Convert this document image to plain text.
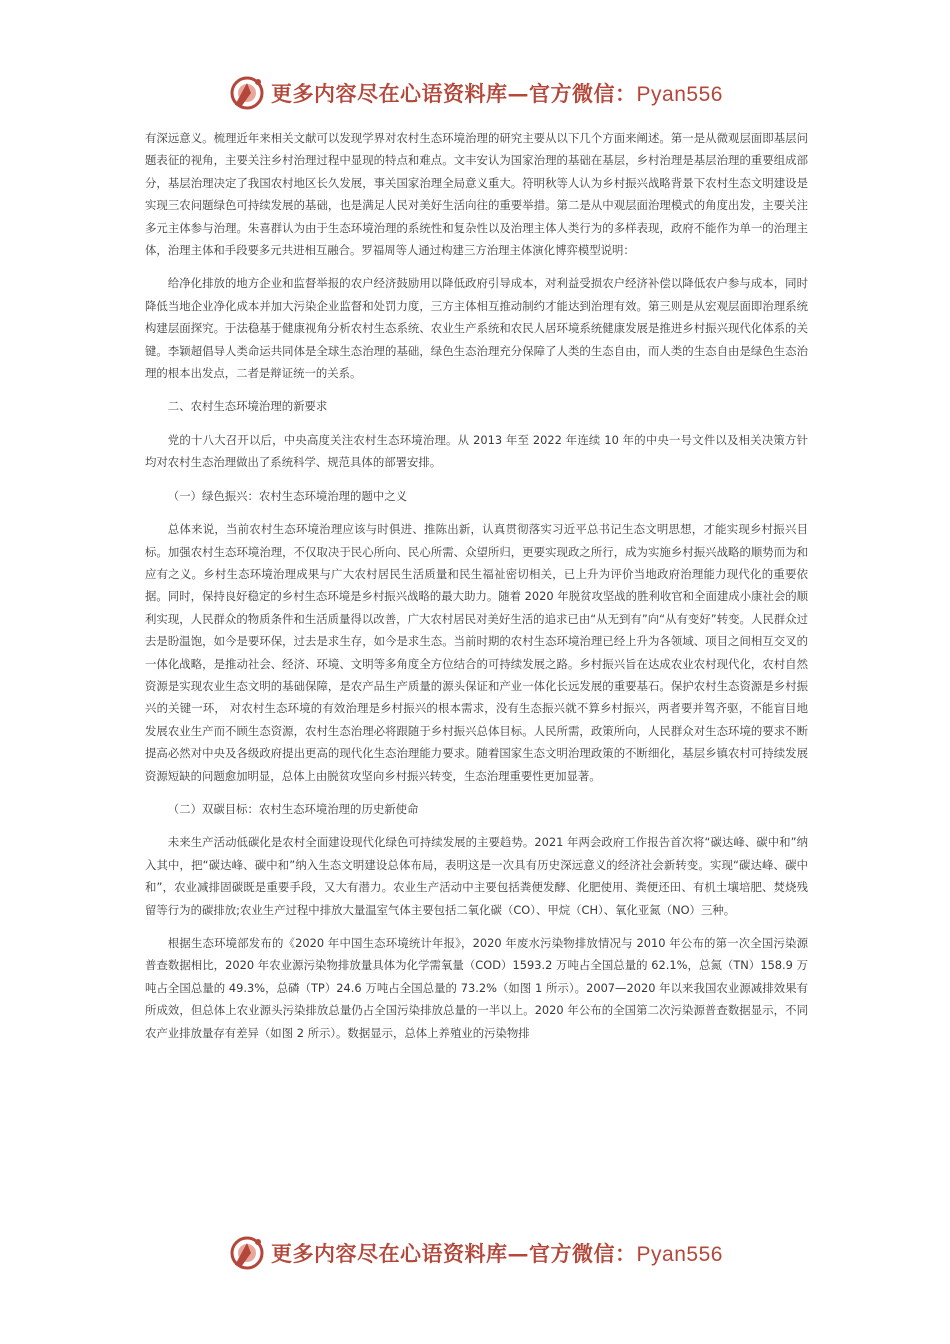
更多内容尽在心语资料库—官方微信：Pyan556

有深远意义。梳理近年来相关文献可以发现学界对农村生态环境治理的研究主要从以下几个方面来阐述。第一是从微观层面即基层问题表征的视角，主要关注乡村治理过程中显现的特点和难点。文丰安认为国家治理的基础在基层，乡村治理是基层治理的重要组成部分，基层治理决定了我国农村地区长久发展，事关国家治理全局意义重大。符明秋等人认为乡村振兴战略背景下农村生态文明建设是实现三农问题绿色可持续发展的基础，也是满足人民对美好生活向往的重要举措。第二是从中观层面治理模式的角度出发，主要关注多元主体参与治理。朱喜群认为由于生态环境治理的系统性和复杂性以及治理主体人类行为的多样表现，政府不能作为单一的治理主体，治理主体和手段要多元共进相互融合。罗福周等人通过构建三方治理主体演化博弈模型说明：

给净化排放的地方企业和监督举报的农户经济鼓励用以降低政府引导成本，对利益受损农户经济补偿以降低农户参与成本，同时降低当地企业净化成本并加大污染企业监督和处罚力度，三方主体相互推动制约才能达到治理有效。第三则是从宏观层面即治理系统构建层面探究。于法稳基于健康视角分析农村生态系统、农业生产系统和农民人居环境系统健康发展是推进乡村振兴现代化体系的关键。李颖超倡导人类命运共同体是全球生态治理的基础，绿色生态治理充分保障了人类的生态自由，而人类的生态自由是绿色生态治理的根本出发点，二者是辩证统一的关系。

二、农村生态环境治理的新要求

党的十八大召开以后，中央高度关注农村生态环境治理。从 2013 年至 2022 年连续 10 年的中央一号文件以及相关决策方针均对农村生态治理做出了系统科学、规范具体的部署安排。

（一）绿色振兴：农村生态环境治理的题中之义

总体来说，当前农村生态环境治理应该与时俱进、推陈出新，认真贯彻落实习近平总书记生态文明思想，才能实现乡村振兴目标。加强农村生态环境治理，不仅取决于民心所向、民心所需、众望所归，更要实现政之所行，成为实施乡村振兴战略的顺势而为和应有之义。乡村生态环境治理成果与广大农村居民生活质量和民生福祉密切相关，已上升为评价当地政府治理能力现代化的重要依据。同时，保持良好稳定的乡村生态环境是乡村振兴战略的最大助力。随着 2020 年脱贫攻坚战的胜利收官和全面建成小康社会的顺利实现，人民群众的物质条件和生活质量得以改善，广大农村居民对美好生活的追求已由“从无到有”向“从有变好”转变。人民群众过去是盼温饱，如今是要环保，过去是求生存，如今是求生态。当前时期的农村生态环境治理已经上升为各领域、项目之间相互交叉的一体化战略，是推动社会、经济、环境、文明等多角度全方位结合的可持续发展之路。乡村振兴旨在达成农业农村现代化，农村自然资源是实现农业生态文明的基础保障，是农产品生产质量的源头保证和产业一体化长远发展的重要基石。保护农村生态资源是乡村振兴的关键一环， 对农村生态环境的有效治理是乡村振兴的根本需求，没有生态振兴就不算乡村振兴，两者要并驾齐驱，不能盲目地发展农业生产而不顾生态资源，农村生态治理必将跟随于乡村振兴总体目标。人民所需，政策所向，人民群众对生态环境的要求不断提高必然对中央及各级政府提出更高的现代化生态治理能力要求。随着国家生态文明治理政策的不断细化，基层乡镇农村可持续发展资源短缺的问题愈加明显，总体上由脱贫攻坚向乡村振兴转变，生态治理重要性更加显著。

（二）双碳目标：农村生态环境治理的历史新使命

未来生产活动低碳化是农村全面建设现代化绿色可持续发展的主要趋势。2021 年两会政府工作报告首次将“碳达峰、碳中和”纳入其中，把“碳达峰、碳中和”纳入生态文明建设总体布局，表明这是一次具有历史深远意义的经济社会新转变。实现“碳达峰、碳中和”，农业减排固碳既是重要手段，又大有潜力。农业生产活动中主要包括粪便发酵、化肥使用、粪便还田、有机土壤培肥、焚烧残留等行为的碳排放;农业生产过程中排放大量温室气体主要包括二氧化碳（CO）、甲烷（CH）、氧化亚氮（NO）三种。

根据生态环境部发布的《2020 年中国生态环境统计年报》，2020 年废水污染物排放情况与 2010 年公布的第一次全国污染源普查数据相比，2020 年农业源污染物排放量具体为化学需氧量（COD）1593.2 万吨占全国总量的 62.1%，总氮（TN）158.9 万吨占全国总量的 49.3%，总磷（TP）24.6 万吨占全国总量的 73.2%（如图 1 所示）。2007—2020 年以来我国农业源减排效果有所成效，但总体上农业源头污染排放总量仍占全国污染排放总量的一半以上。2020 年公布的全国第二次污染源普查数据显示，不同农产业排放量存有差异（如图 2 所示）。数据显示，总体上养殖业的污染物排

更多内容尽在心语资料库—官方微信：Pyan556
